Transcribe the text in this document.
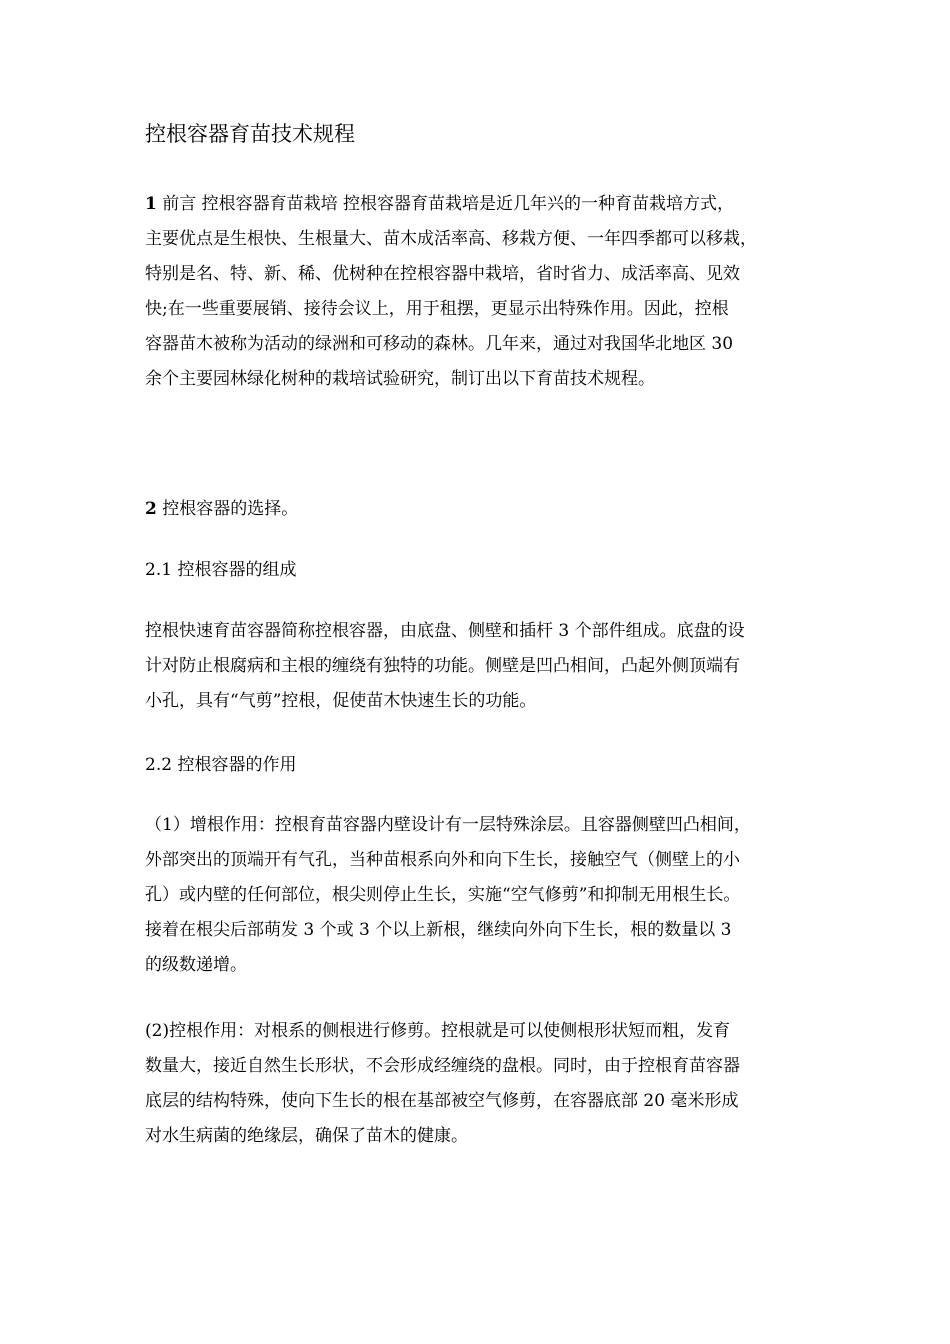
控根容器育苗技术规程
1 前言 控根容器育苗栽培 控根容器育苗栽培是近几年兴的一种育苗栽培方式，
主要优点是生根快、生根量大、苗木成活率高、移栽方便、一年四季都可以移栽，
特别是名、特、新、稀、优树种在控根容器中栽培，省时省力、成活率高、见效
快;在一些重要展销、接待会议上，用于租摆，更显示出特殊作用。因此，控根
容器苗木被称为活动的绿洲和可移动的森林。几年来，通过对我国华北地区 30
余个主要园林绿化树种的栽培试验研究，制订出以下育苗技术规程。
2 控根容器的选择。
2.1 控根容器的组成
控根快速育苗容器简称控根容器，由底盘、侧壁和插杆 3 个部件组成。底盘的设
计对防止根腐病和主根的缠绕有独特的功能。侧壁是凹凸相间，凸起外侧顶端有
小孔，具有“气剪”控根，促使苗木快速生长的功能。
2.2 控根容器的作用
（1）增根作用：控根育苗容器内壁设计有一层特殊涂层。且容器侧壁凹凸相间，
外部突出的顶端开有气孔，当种苗根系向外和向下生长，接触空气（侧壁上的小
孔）或内壁的任何部位，根尖则停止生长，实施“空气修剪”和抑制无用根生长。
接着在根尖后部萌发 3 个或 3 个以上新根，继续向外向下生长，根的数量以 3
的级数递增。
(2)控根作用：对根系的侧根进行修剪。控根就是可以使侧根形状短而粗，发育
数量大，接近自然生长形状，不会形成经缠绕的盘根。同时，由于控根育苗容器
底层的结构特殊，使向下生长的根在基部被空气修剪，在容器底部 20 毫米形成
对水生病菌的绝缘层，确保了苗木的健康。
